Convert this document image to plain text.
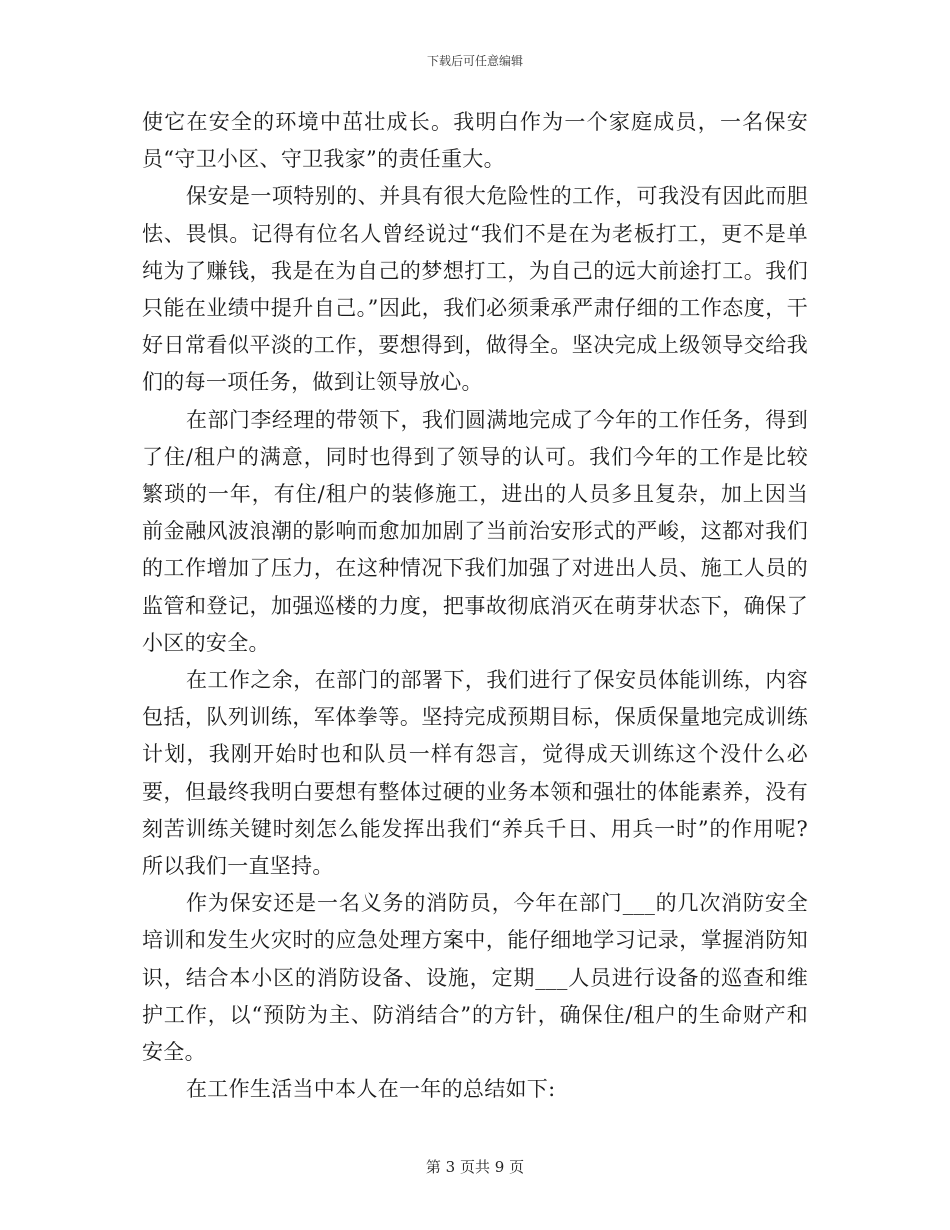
下载后可任意编辑

使它在安全的环境中茁壮成长。我明白作为一个家庭成员，一名保安员“守卫小区、守卫我家”的责任重大。

保安是一项特别的、并具有很大危险性的工作，可我没有因此而胆怯、畏惧。记得有位名人曾经说过“我们不是在为老板打工，更不是单纯为了赚钱，我是在为自己的梦想打工，为自己的远大前途打工。我们只能在业绩中提升自己。”因此，我们必须秉承严肃仔细的工作态度，干好日常看似平淡的工作，要想得到，做得全。坚决完成上级领导交给我们的每一项任务，做到让领导放心。

在部门李经理的带领下，我们圆满地完成了今年的工作任务，得到了住/租户的满意，同时也得到了领导的认可。我们今年的工作是比较繁琐的一年，有住/租户的装修施工，进出的人员多且复杂，加上因当前金融风波浪潮的影响而愈加加剧了当前治安形式的严峻，这都对我们的工作增加了压力，在这种情况下我们加强了对进出人员、施工人员的监管和登记，加强巡楼的力度，把事故彻底消灭在萌芽状态下，确保了小区的安全。

在工作之余，在部门的部署下，我们进行了保安员体能训练，内容包括，队列训练，军体拳等。坚持完成预期目标，保质保量地完成训练计划，我刚开始时也和队员一样有怨言，觉得成天训练这个没什么必要，但最终我明白要想有整体过硬的业务本领和强壮的体能素养，没有刻苦训练关键时刻怎么能发挥出我们“养兵千日、用兵一时”的作用呢?所以我们一直坚持。

作为保安还是一名义务的消防员，今年在部门___的几次消防安全培训和发生火灾时的应急处理方案中，能仔细地学习记录，掌握消防知识，结合本小区的消防设备、设施，定期___人员进行设备的巡查和维护工作，以“预防为主、防消结合”的方针，确保住/租户的生命财产和安全。

在工作生活当中本人在一年的总结如下:

第 3 页共 9 页
